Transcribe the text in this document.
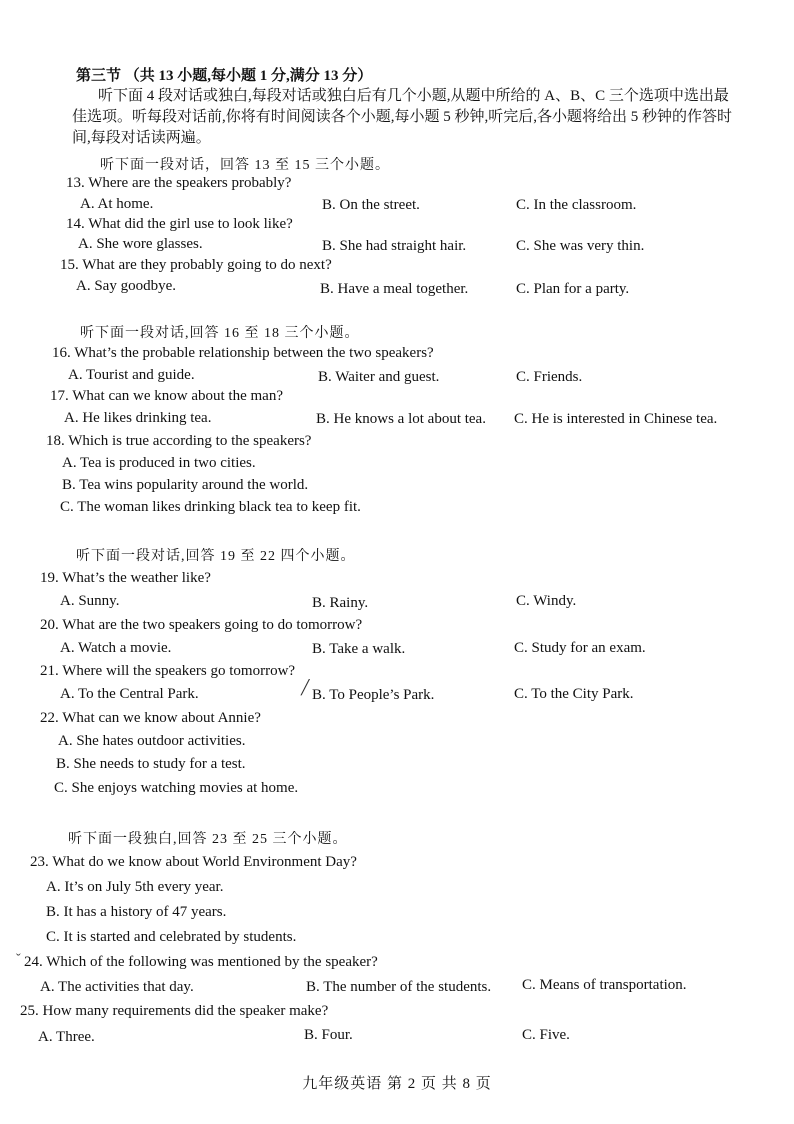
第三节 （共 13 小题,每小题 1 分,满分 13 分）
听下面 4 段对话或独白,每段对话或独白后有几个小题,从题中所给的 A、B、C 三个选项中选出最佳选项。听每段对话前,你将有时间阅读各个小题,每小题 5 秒钟,听完后,各小题将给出 5 秒钟的作答时间,每段对话读两遍。
听下面一段对话，回答 13 至 15 三个小题。
13. Where are the speakers probably?
A. At home.	B. On the street.	C. In the classroom.
14. What did the girl use to look like?
A. She wore glasses.	B. She had straight hair.	C. She was very thin.
15. What are they probably going to do next?
A. Say goodbye.	B. Have a meal together.	C. Plan for a party.
听下面一段对话,回答 16 至 18 三个小题。
16. What’s the probable relationship between the two speakers?
A. Tourist and guide.	B. Waiter and guest.	C. Friends.
17. What can we know about the man?
A. He likes drinking tea.	B. He knows a lot about tea. C. He is interested in Chinese tea.
18. Which is true according to the speakers?
A. Tea is produced in two cities.
B. Tea wins popularity around the world.
C. The woman likes drinking black tea to keep fit.
听下面一段对话,回答 19 至 22 四个小题。
19. What’s the weather like?
A. Sunny.	B. Rainy.	C. Windy.
20. What are the two speakers going to do tomorrow?
A. Watch a movie.	B. Take a walk.	C. Study for an exam.
21. Where will the speakers go tomorrow?
A. To the Central Park.	╱ B. To People’s Park.	C. To the City Park.
22. What can we know about Annie?
A. She hates outdoor activities.
B. She needs to study for a test.
C. She enjoys watching movies at home.
听下面一段独白,回答 23 至 25 三个小题。
23. What do we know about World Environment Day?
A. It’s on July 5th every year.
B. It has a history of 47 years.
C. It is started and celebrated by students.
ˇ 24. Which of the following was mentioned by the speaker?
A. The activities that day.	B. The number of the students. C. Means of transportation.
25. How many requirements did the speaker make?
A. Three.	B. Four.	C. Five.
九年级英语 第 2 页 共 8 页
